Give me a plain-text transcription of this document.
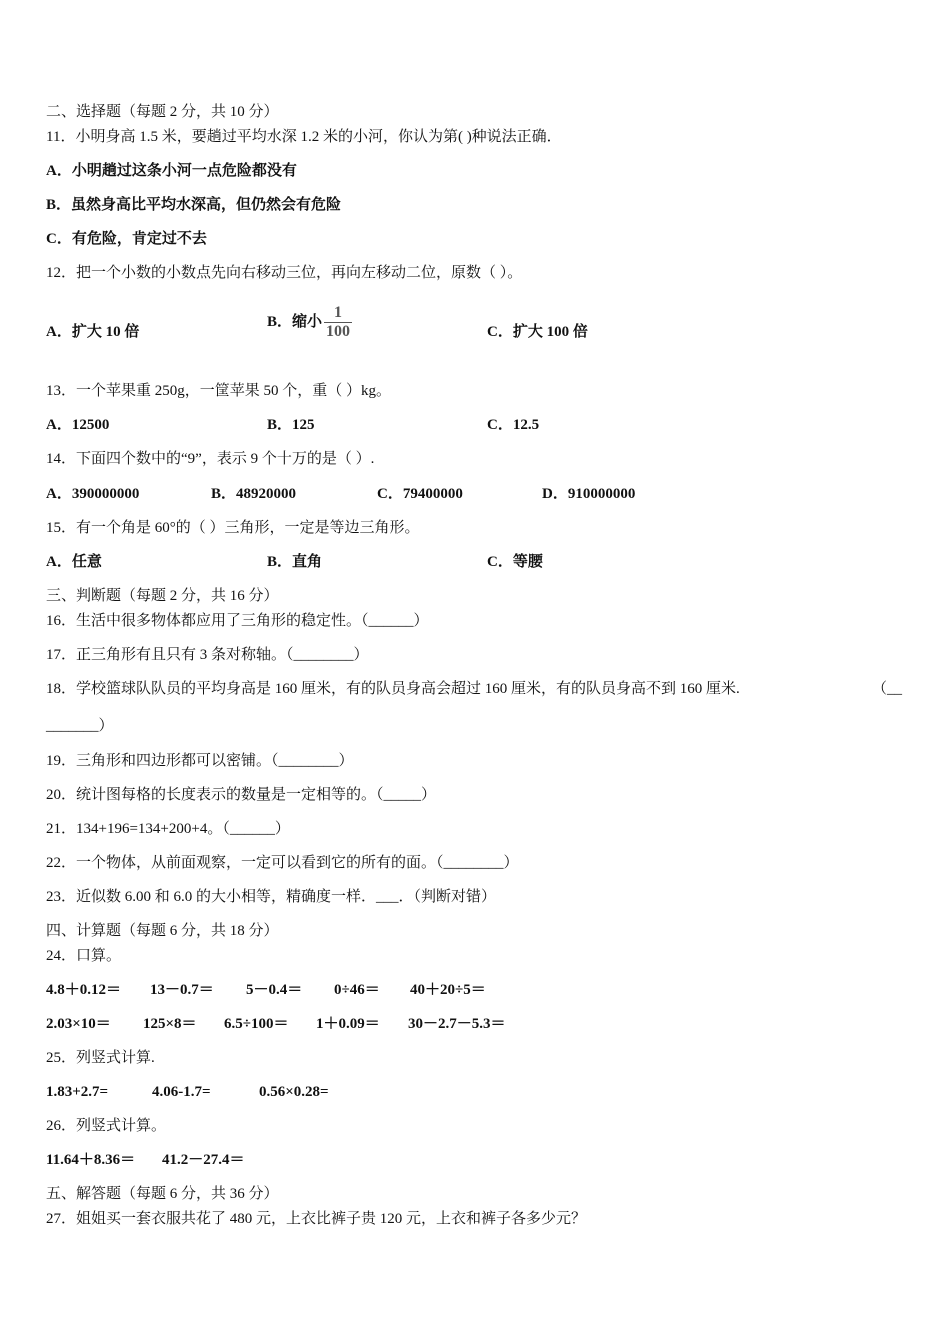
二、选择题（每题 2 分，共 10 分）
11．小明身高 1.5 米，要趟过平均水深 1.2 米的小河，你认为第( )种说法正确．
A．小明趟过这条小河一点危险都没有
B．虽然身高比平均水深高，但仍然会有危险
C．有危险，肯定过不去
12．把一个小数的小数点先向右移动三位，再向左移动二位，原数（ ）。
A．扩大 10 倍
B．缩小 $\frac{1}{100}$	C．扩大 100 倍
13．一个苹果重 250g，一筐苹果 50 个，重（ ）kg。
A．12500	B．125	C．12.5
14．下面四个数中的“9”，表示 9 个十万的是（ ）.
A．390000000	B．48920000	C．79400000	D．910000000
15．有一个角是 60°的（ ）三角形，一定是等边三角形。
A．任意	B．直角	C．等腰
三、判断题（每题 2 分，共 16 分）
16．生活中很多物体都应用了三角形的稳定性。（______）
17．正三角形有且只有 3 条对称轴。（________）
18．学校篮球队队员的平均身高是 160 厘米，有的队员身高会超过 160 厘米，有的队员身高不到 160 厘米.	（__
_______）
19．三角形和四边形都可以密铺。（________）
20．统计图每格的长度表示的数量是一定相等的。（_____）
21．134+196=134+200+4。（______）
22．一个物体，从前面观察，一定可以看到它的所有的面。（________）
23．近似数 6.00 和 6.0 的大小相等，精确度一样．___．（判断对错）
四、计算题（每题 6 分，共 18 分）
24．口算。
4.8＋0.12＝ 13－0.7＝ 5－0.4＝ 0÷46＝ 40＋20÷5＝
2.03×10＝ 125×8＝ 6.5÷100＝ 1＋0.09＝ 30－2.7－5.3＝
25．列竖式计算.
1.83+2.7=	4.06-1.7=	0.56×0.28=
26．列竖式计算。
11.64＋8.36＝ 41.2－27.4＝
五、解答题（每题 6 分，共 36 分）
27．姐姐买一套衣服共花了 480 元，上衣比裤子贵 120 元，上衣和裤子各多少元？
